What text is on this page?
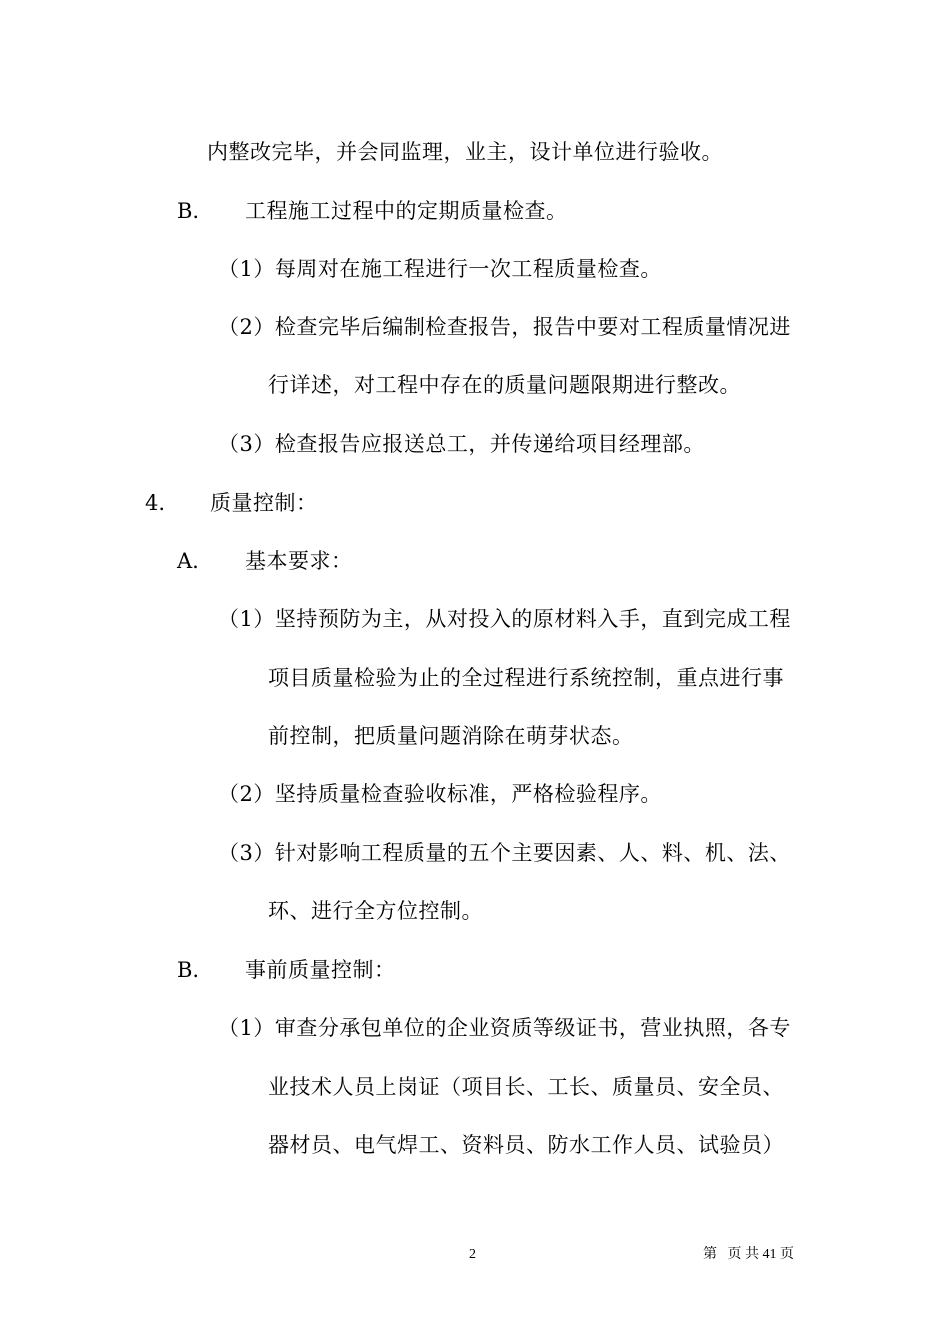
内整改完毕，并会同监理，业主，设计单位进行验收。
B. 工程施工过程中的定期质量检查。
（1）每周对在施工程进行一次工程质量检查。
（2）检查完毕后编制检查报告，报告中要对工程质量情况进
行详述，对工程中存在的质量问题限期进行整改。
（3）检查报告应报送总工，并传递给项目经理部。
4. 质量控制：
A. 基本要求：
（1）坚持预防为主，从对投入的原材料入手，直到完成工程
项目质量检验为止的全过程进行系统控制，重点进行事
前控制，把质量问题消除在萌芽状态。
（2）坚持质量检查验收标准，严格检验程序。
（3）针对影响工程质量的五个主要因素、人、料、机、法、
环、进行全方位控制。
B. 事前质量控制：
（1）审查分承包单位的企业资质等级证书，营业执照，各专
业技术人员上岗证（项目长、工长、质量员、安全员、
器材员、电气焊工、资料员、防水工作人员、试验员）
2	第   页 共 41 页
